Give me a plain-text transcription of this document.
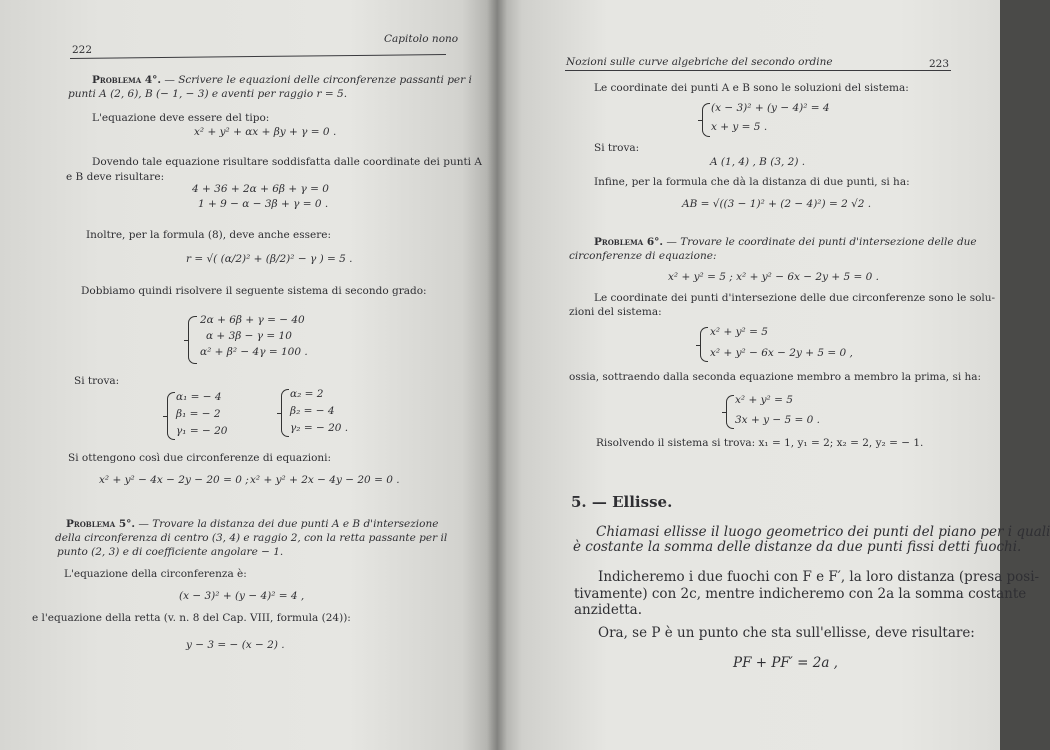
222
Capitolo nono
Problema 4°. — Scrivere le equazioni delle circonferenze passanti per i
punti A (2, 6), B (− 1, − 3) e aventi per raggio r = 5.
L'equazione deve essere del tipo:
x² + y² + αx + βy + γ = 0 .
Dovendo tale equazione risultare soddisfatta dalle coordinate dei punti A
e B deve risultare:
4 + 36 + 2α + 6β + γ = 0
1 + 9 − α − 3β + γ = 0 .
Inoltre, per la formula (8), deve anche essere:
r = √( (α/2)² + (β/2)² − γ ) = 5 .
Dobbiamo quindi risolvere il seguente sistema di secondo grado:
2α + 6β + γ = − 40
α + 3β − γ = 10
α² + β² − 4γ = 100 .
Si trova:
α₁ = − 4
β₁ = − 2
γ₁ = − 20
α₂ = 2
β₂ = − 4
γ₂ = − 20 .
Si ottengono così due circonferenze di equazioni:
x² + y² − 4x − 2y − 20 = 0 ; x² + y² + 2x − 4y − 20 = 0 .
Problema 5°. — Trovare la distanza dei due punti A e B d'intersezione
della circonferenza di centro (3, 4) e raggio 2, con la retta passante per il
punto (2, 3) e di coefficiente angolare − 1.
L'equazione della circonferenza è:
(x − 3)² + (y − 4)² = 4 ,
e l'equazione della retta (v. n. 8 del Cap. VIII, formula (24)):
y − 3 = − (x − 2) .
Nozioni sulle curve algebriche del secondo ordine	223
Le coordinate dei punti A e B sono le soluzioni del sistema:
(x − 3)² + (y − 4)² = 4
x + y = 5 .
Si trova:
A (1, 4) , B (3, 2) .
Infine, per la formula che dà la distanza di due punti, si ha:
AB = √((3 − 1)² + (2 − 4)²) = 2 √2 .
Problema 6°. — Trovare le coordinate dei punti d'intersezione delle due
circonferenze di equazione:
x² + y² = 5 ; x² + y² − 6x − 2y + 5 = 0 .
Le coordinate dei punti d'intersezione delle due circonferenze sono le solu-
zioni del sistema:
x² + y² = 5
x² + y² − 6x − 2y + 5 = 0 ,
ossia, sottraendo dalla seconda equazione membro a membro la prima, si ha:
x² + y² = 5
3x + y − 5 = 0 .
Risolvendo il sistema si trova: x₁ = 1, y₁ = 2; x₂ = 2, y₂ = − 1.
5. — Ellisse.
Chiamasi ellisse il luogo geometrico dei punti del piano per i quali
è costante la somma delle distanze da due punti fissi detti fuochi.
Indicheremo i due fuochi con F e F′, la loro distanza (presa posi-
tivamente) con 2c, mentre indicheremo con 2a la somma costante
anzidetta.
Ora, se P è un punto che sta sull'ellisse, deve risultare:
PF + PF′ = 2a ,
